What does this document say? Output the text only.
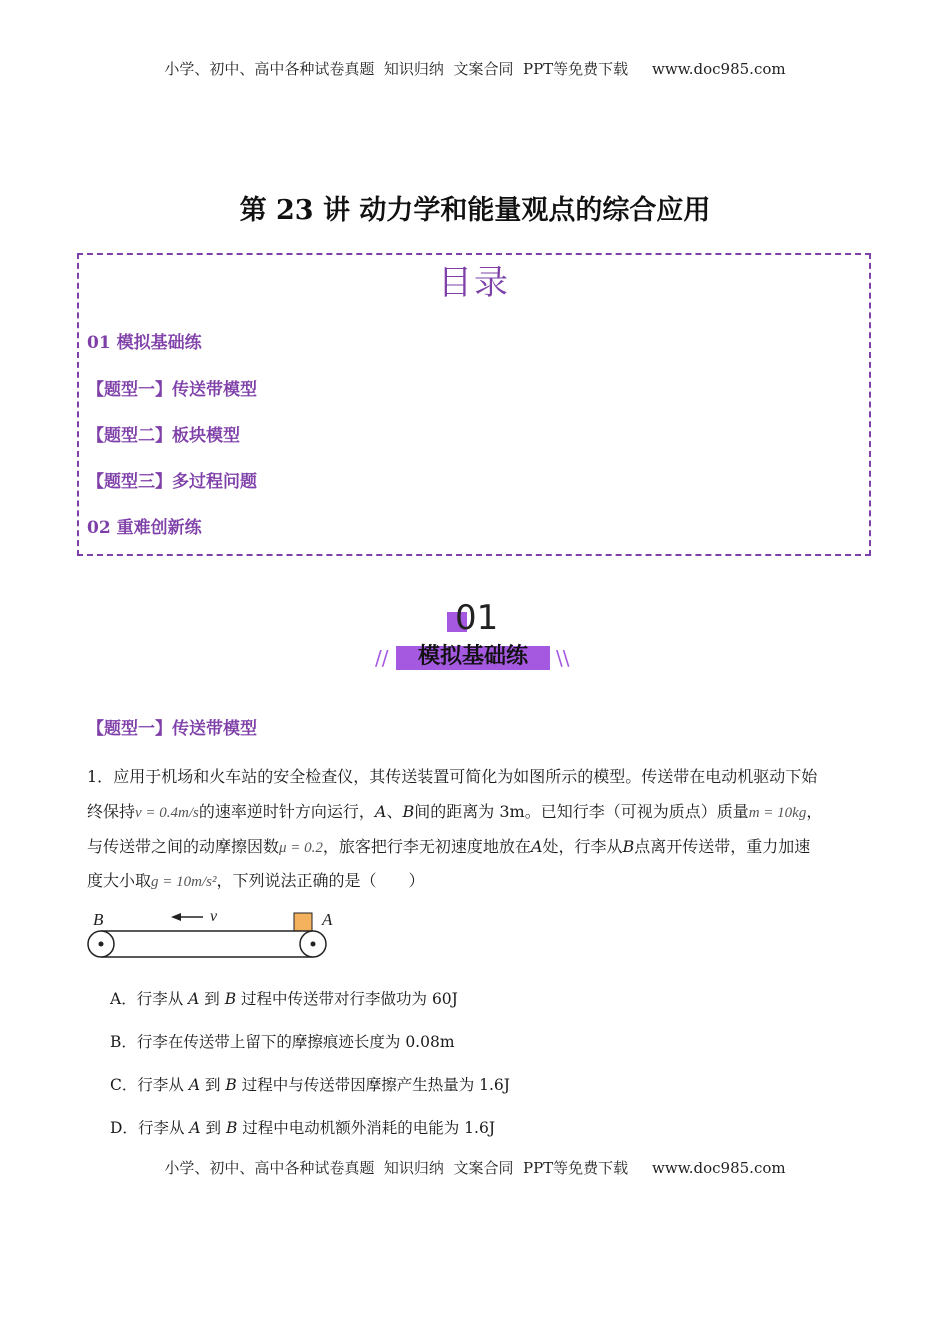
小学、初中、高中各种试卷真题  知识归纳  文案合同  PPT等免费下载     www.doc985.com
第 23 讲 动力学和能量观点的综合应用
目录
01 模拟基础练
【题型一】传送带模型
【题型二】板块模型
【题型三】多过程问题
02 重难创新练
01
//	\\
模拟基础练
【题型一】传送带模型
1．应用于机场和火车站的安全检查仪，其传送装置可简化为如图所示的模型。传送带在电动机驱动下始
终保持v = 0.4m/s的速率逆时针方向运行，A、B间的距离为 3m。已知行李（可视为质点）质量m = 10kg，
与传送带之间的动摩擦因数μ = 0.2，旅客把行李无初速度地放在A处，行李从B点离开传送带，重力加速
度大小取g = 10m/s²，下列说法正确的是（　　）
B	A
v
A．行李从 A 到 B 过程中传送带对行李做功为 60J
B．行李在传送带上留下的摩擦痕迹长度为 0.08m
C．行李从 A 到 B 过程中与传送带因摩擦产生热量为 1.6J
D．行李从 A 到 B 过程中电动机额外消耗的电能为 1.6J
小学、初中、高中各种试卷真题  知识归纳  文案合同  PPT等免费下载     www.doc985.com
